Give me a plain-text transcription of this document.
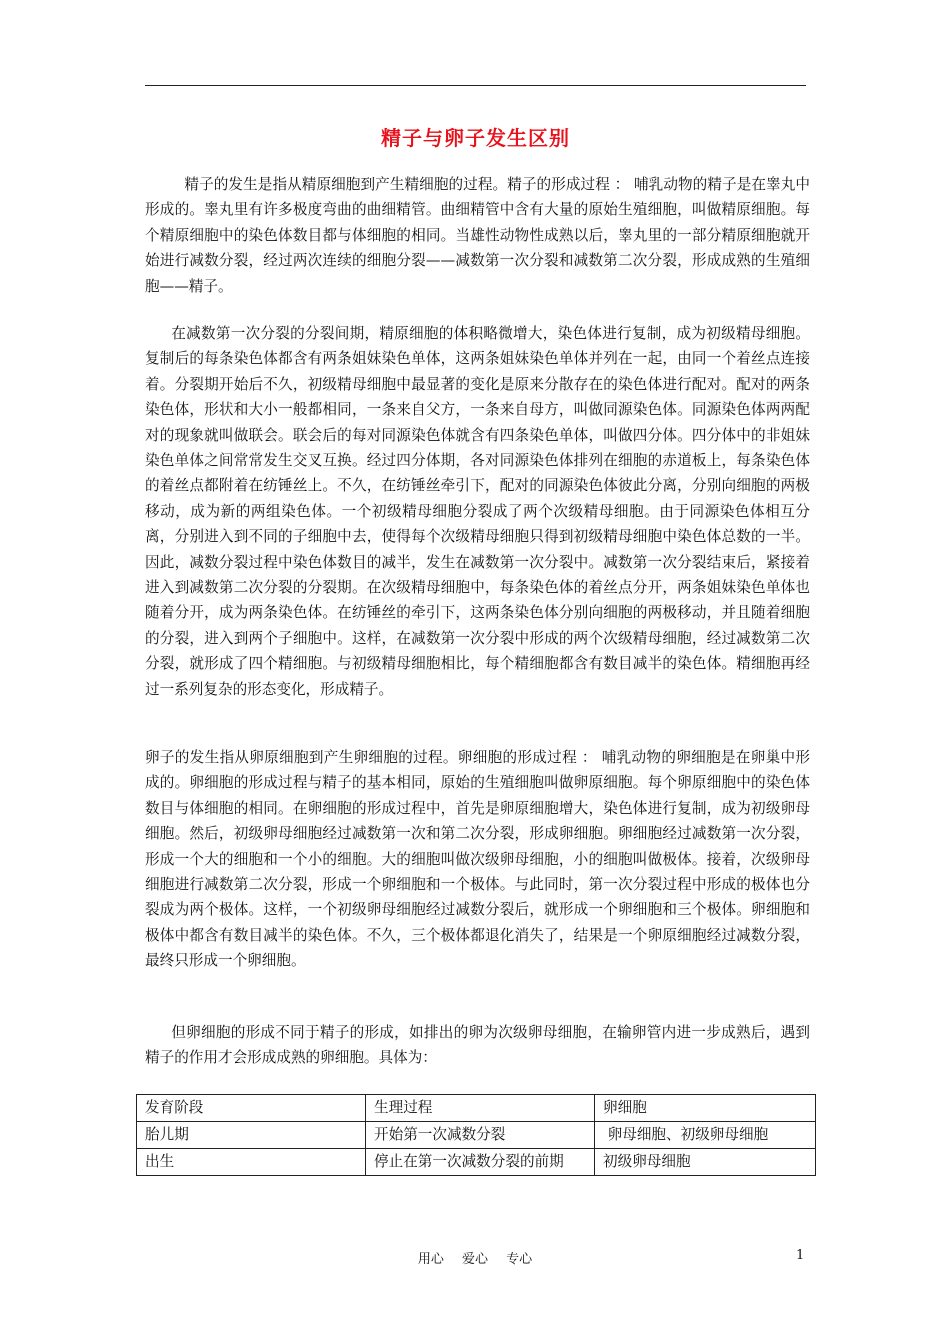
精子与卵子发生区别

精子的发生是指从精原细胞到产生精细胞的过程。精子的形成过程 ： 哺乳动物的精子是在睾丸中形成的。睾丸里有许多极度弯曲的曲细精管。曲细精管中含有大量的原始生殖细胞，叫做精原细胞。每个精原细胞中的染色体数目都与体细胞的相同。当雄性动物性成熟以后，睾丸里的一部分精原细胞就开始进行减数分裂，经过两次连续的细胞分裂——减数第一次分裂和减数第二次分裂，形成成熟的生殖细胞——精子。

在减数第一次分裂的分裂间期，精原细胞的体积略微增大，染色体进行复制，成为初级精母细胞。复制后的每条染色体都含有两条姐妹染色单体，这两条姐妹染色单体并列在一起，由同一个着丝点连接着。分裂期开始后不久，初级精母细胞中最显著的变化是原来分散存在的染色体进行配对。配对的两条染色体，形状和大小一般都相同，一条来自父方，一条来自母方，叫做同源染色体。同源染色体两两配对的现象就叫做联会。联会后的每对同源染色体就含有四条染色单体，叫做四分体。四分体中的非姐妹染色单体之间常常发生交叉互换。经过四分体期，各对同源染色体排列在细胞的赤道板上，每条染色体的着丝点都附着在纺锤丝上。不久，在纺锤丝牵引下，配对的同源染色体彼此分离，分别向细胞的两极移动，成为新的两组染色体。一个初级精母细胞分裂成了两个次级精母细胞。由于同源染色体相互分离，分别进入到不同的子细胞中去，使得每个次级精母细胞只得到初级精母细胞中染色体总数的一半。因此，减数分裂过程中染色体数目的减半，发生在减数第一次分裂中。减数第一次分裂结束后，紧接着进入到减数第二次分裂的分裂期。在次级精母细胞中，每条染色体的着丝点分开，两条姐妹染色单体也随着分开，成为两条染色体。在纺锤丝的牵引下，这两条染色体分别向细胞的两极移动，并且随着细胞的分裂，进入到两个子细胞中。这样，在减数第一次分裂中形成的两个次级精母细胞，经过减数第二次分裂，就形成了四个精细胞。与初级精母细胞相比，每个精细胞都含有数目减半的染色体。精细胞再经过一系列复杂的形态变化，形成精子。

卵子的发生指从卵原细胞到产生卵细胞的过程。卵细胞的形成过程 ： 哺乳动物的卵细胞是在卵巢中形成的。卵细胞的形成过程与精子的基本相同，原始的生殖细胞叫做卵原细胞。每个卵原细胞中的染色体数目与体细胞的相同。在卵细胞的形成过程中，首先是卵原细胞增大，染色体进行复制，成为初级卵母细胞。然后，初级卵母细胞经过减数第一次和第二次分裂，形成卵细胞。卵细胞经过减数第一次分裂，形成一个大的细胞和一个小的细胞。大的细胞叫做次级卵母细胞，小的细胞叫做极体。接着，次级卵母细胞进行减数第二次分裂，形成一个卵细胞和一个极体。与此同时，第一次分裂过程中形成的极体也分裂成为两个极体。这样，一个初级卵母细胞经过减数分裂后，就形成一个卵细胞和三个极体。卵细胞和极体中都含有数目减半的染色体。不久，三个极体都退化消失了，结果是一个卵原细胞经过减数分裂，最终只形成一个卵细胞。

但卵细胞的形成不同于精子的形成，如排出的卵为次级卵母细胞，在输卵管内进一步成熟后，遇到精子的作用才会形成成熟的卵细胞。具体为：

发育阶段	生理过程	卵细胞
胎儿期	开始第一次减数分裂	卵母细胞、初级卵母细胞
出生	停止在第一次减数分裂的前期	初级卵母细胞
用心 爱心 专心	1
